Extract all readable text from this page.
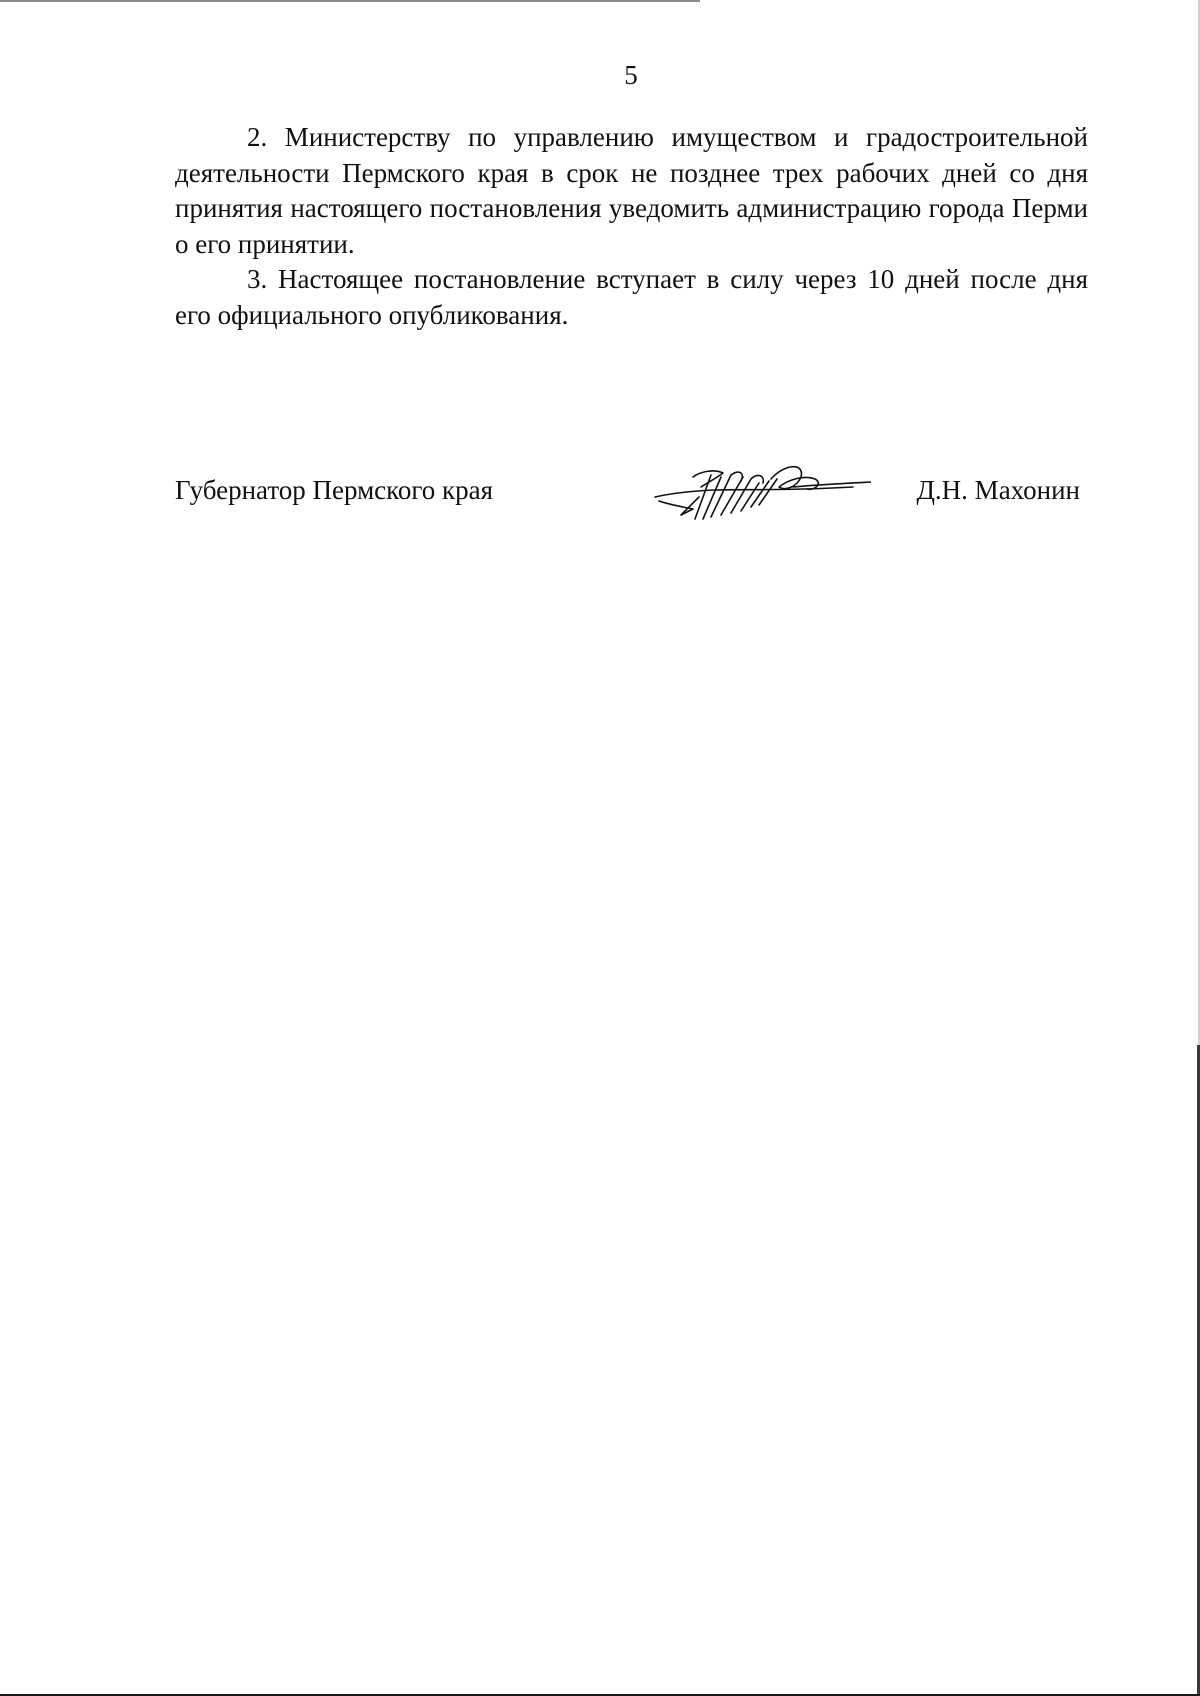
5

2. Министерству по управлению имуществом и градостроительной деятельности Пермского края в срок не позднее трех рабочих дней со дня принятия настоящего постановления уведомить администрацию города Перми о его принятии.

3. Настоящее постановление вступает в силу через 10 дней после дня его официального опубликования.

Губернатор Пермского края	Д.Н. Махонин
